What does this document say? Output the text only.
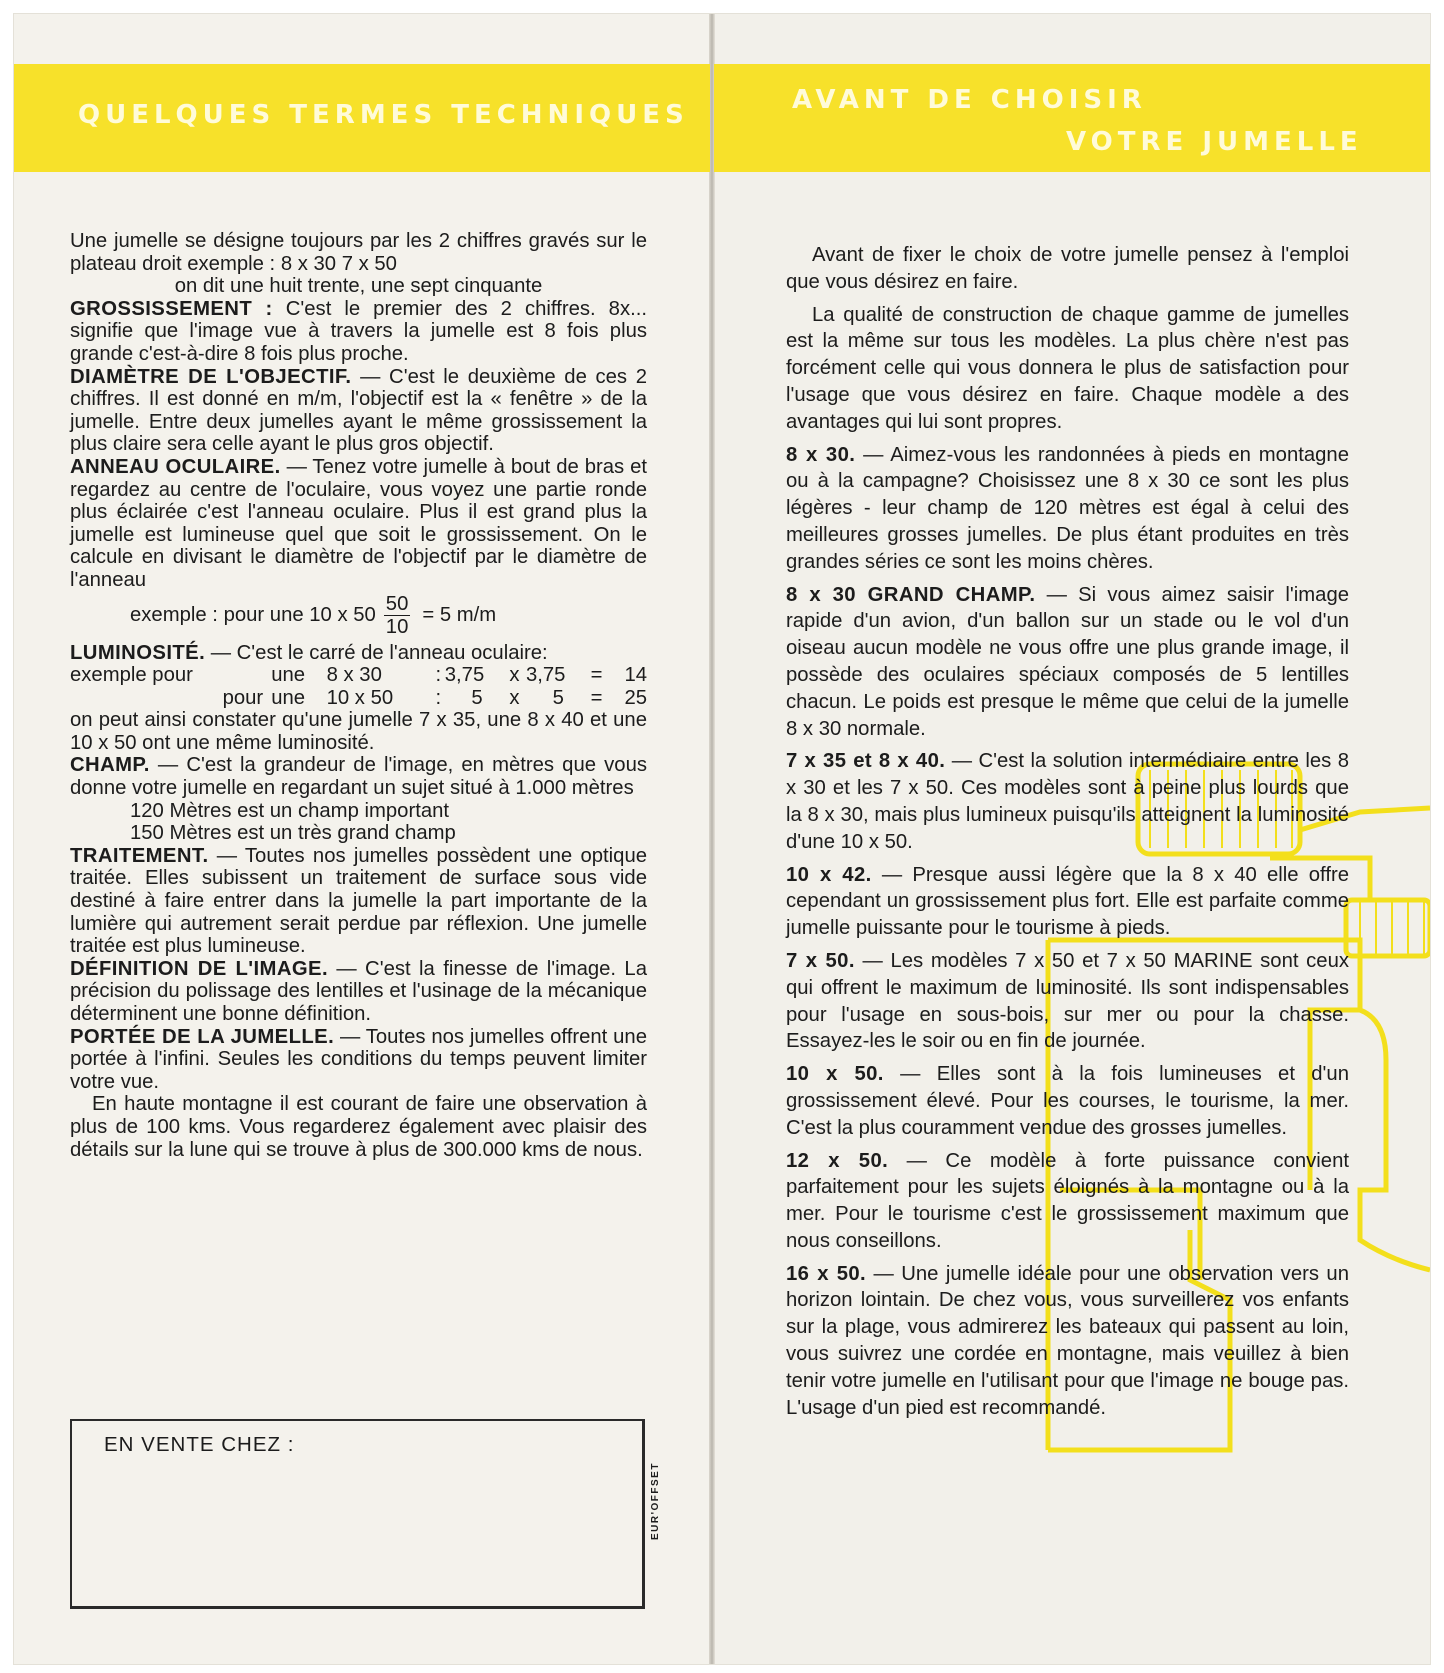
QUELQUES TERMES TECHNIQUES	AVANT DE CHOISIR
VOTRE JUMELLE

Une jumelle se désigne toujours par les 2 chiffres gravés sur le plateau droit exemple : 8 x 30 7 x 50

on dit une huit trente, une sept cinquante

GROSSISSEMENT : C'est le premier des 2 chiffres. 8x... signifie que l'image vue à travers la jumelle est 8 fois plus grande c'est-à-dire 8 fois plus proche.

DIAMÈTRE DE L'OBJECTIF. — C'est le deuxième de ces 2 chiffres. Il est donné en m/m, l'objectif est la « fenêtre » de la jumelle. Entre deux jumelles ayant le même grossissement la plus claire sera celle ayant le plus gros objectif.

ANNEAU OCULAIRE. — Tenez votre jumelle à bout de bras et regardez au centre de l'oculaire, vous voyez une partie ronde plus éclairée c'est l'anneau oculaire. Plus il est grand plus la jumelle est lumineuse quel que soit le grossissement. On le calcule en divisant le diamètre de l'objectif par le diamètre de l'anneau

exemple : pour une 10 x $50 \frac{50}{10} = 5$ m/m

LUMINOSITÉ. — C'est le carré de l'anneau oculaire:

exemple pour	une	8 x 30	:	3,75	x	3,75	=	14
pour	une	10 x 50	:	5	x	5	=	25

on peut ainsi constater qu'une jumelle 7 x 35, une 8 x 40 et une 10 x 50 ont une même luminosité.

CHAMP. — C'est la grandeur de l'image, en mètres que vous donne votre jumelle en regardant un sujet situé à 1.000 mètres

120 Mètres est un champ important

150 Mètres est un très grand champ

TRAITEMENT. — Toutes nos jumelles possèdent une optique traitée. Elles subissent un traitement de surface sous vide destiné à faire entrer dans la jumelle la part importante de la lumière qui autrement serait perdue par réflexion. Une jumelle traitée est plus lumineuse.

DÉFINITION DE L'IMAGE. — C'est la finesse de l'image. La précision du polissage des lentilles et l'usinage de la mécanique déterminent une bonne définition.

PORTÉE DE LA JUMELLE. — Toutes nos jumelles offrent une portée à l'infini. Seules les conditions du temps peuvent limiter votre vue.

En haute montagne il est courant de faire une observation à plus de 100 kms. Vous regarderez également avec plaisir des détails sur la lune qui se trouve à plus de 300.000 kms de nous.

EN VENTE CHEZ :
EUR'OFFSET

Avant de fixer le choix de votre jumelle pensez à l'emploi que vous désirez en faire.

La qualité de construction de chaque gamme de jumelles est la même sur tous les modèles. La plus chère n'est pas forcément celle qui vous donnera le plus de satisfaction pour l'usage que vous désirez en faire. Chaque modèle a des avantages qui lui sont propres.

8 x 30. — Aimez-vous les randonnées à pieds en montagne ou à la campagne? Choisissez une 8 x 30 ce sont les plus légères - leur champ de 120 mètres est égal à celui des meilleures grosses jumelles. De plus étant produites en très grandes séries ce sont les moins chères.

8 x 30 GRAND CHAMP. — Si vous aimez saisir l'image rapide d'un avion, d'un ballon sur un stade ou le vol d'un oiseau aucun modèle ne vous offre une plus grande image, il possède des oculaires spéciaux composés de 5 lentilles chacun. Le poids est presque le même que celui de la jumelle 8 x 30 normale.

7 x 35 et 8 x 40. — C'est la solution intermédiaire entre les 8 x 30 et les 7 x 50. Ces modèles sont à peine plus lourds que la 8 x 30, mais plus lumineux puisqu'ils atteignent la luminosité d'une 10 x 50.

10 x 42. — Presque aussi légère que la 8 x 40 elle offre cependant un grossissement plus fort. Elle est parfaite comme jumelle puissante pour le tourisme à pieds.

7 x 50. — Les modèles 7 x 50 et 7 x 50 MARINE sont ceux qui offrent le maximum de luminosité. Ils sont indispensables pour l'usage en sous-bois, sur mer ou pour la chasse. Essayez-les le soir ou en fin de journée.

10 x 50. — Elles sont à la fois lumineuses et d'un grossissement élevé. Pour les courses, le tourisme, la mer. C'est la plus couramment vendue des grosses jumelles.

12 x 50. — Ce modèle à forte puissance convient parfaitement pour les sujets éloignés à la montagne ou à la mer. Pour le tourisme c'est le grossissement maximum que nous conseillons.

16 x 50. — Une jumelle idéale pour une observation vers un horizon lointain. De chez vous, vous surveillerez vos enfants sur la plage, vous admirerez les bateaux qui passent au loin, vous suivrez une cordée en montagne, mais veuillez à bien tenir votre jumelle en l'utilisant pour que l'image ne bouge pas. L'usage d'un pied est recommandé.
